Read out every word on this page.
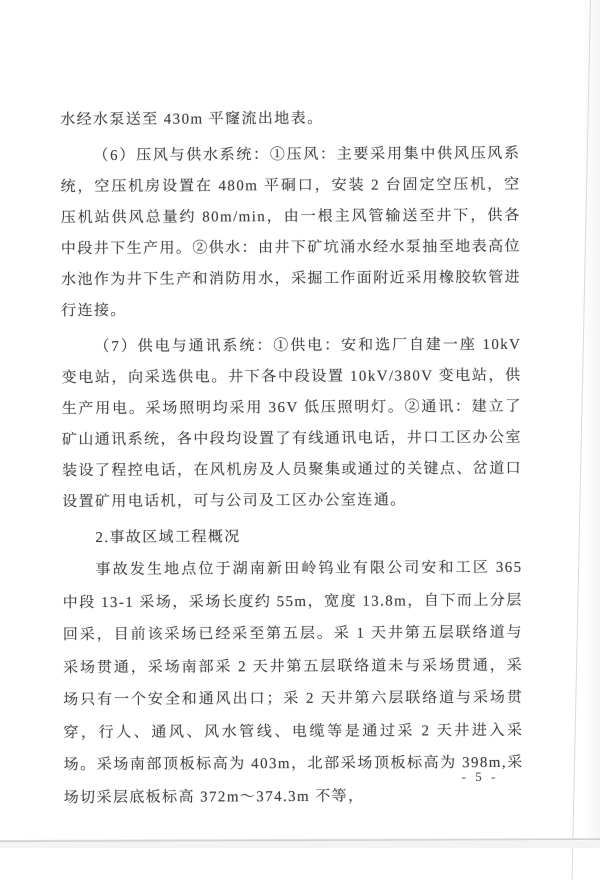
水经水泵送至 430m 平窿流出地表。

（6）压风与供水系统：①压风：主要采用集中供风压风系统，空压机房设置在 480m 平硐口，安装 2 台固定空压机，空压机站供风总量约 80m/min，由一根主风管输送至井下，供各中段井下生产用。②供水：由井下矿坑涌水经水泵抽至地表高位水池作为井下生产和消防用水，采掘工作面附近采用橡胶软管进行连接。

（7）供电与通讯系统：①供电：安和选厂自建一座 10kV 变电站，向采选供电。井下各中段设置 10kV/380V 变电站，供生产用电。采场照明均采用 36V 低压照明灯。②通讯：建立了矿山通讯系统，各中段均设置了有线通讯电话，井口工区办公室装设了程控电话，在风机房及人员聚集或通过的关键点、岔道口设置矿用电话机，可与公司及工区办公室连通。

2.事故区域工程概况

事故发生地点位于湖南新田岭钨业有限公司安和工区 365 中段 13-1 采场，采场长度约 55m，宽度 13.8m，自下而上分层回采，目前该采场已经采至第五层。采 1 天井第五层联络道与采场贯通，采场南部采 2 天井第五层联络道未与采场贯通，采场只有一个安全和通风出口；采 2 天井第六层联络道与采场贯穿，行人、通风、风水管线、电缆等是通过采 2 天井进入采场。采场南部顶板标高为 403m，北部采场顶板标高为 398m,采场切采层底板标高 372m～374.3m 不等，

- 5 -
